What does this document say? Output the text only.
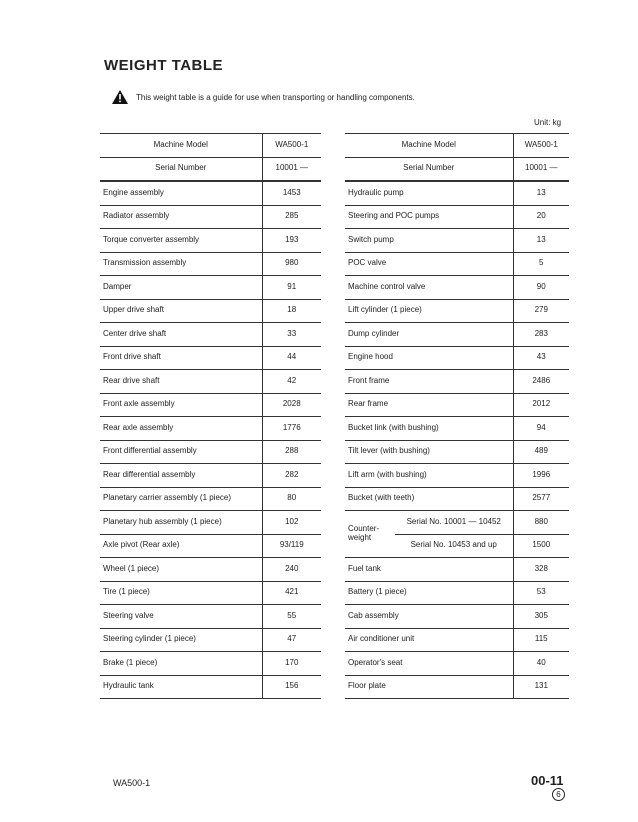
WEIGHT TABLE
This weight table is a guide for use when transporting or handling components.
Unit: kg
Machine Model	WA500-1
Serial Number	10001 —
Engine assembly	1453
Radiator assembly	285
Torque converter assembly	193
Transmission assembly	980
Damper	91
Upper drive shaft	18
Center drive shaft	33
Front drive shaft	44
Rear drive shaft	42
Front axle assembly	2028
Rear axle assembly	1776
Front differential assembly	288
Rear differential assembly	282
Planetary carrier assembly (1 piece)	80
Planetary hub assembly (1 piece)	102
Axle pivot (Rear axle)	93/119
Wheel (1 piece)	240
Tire (1 piece)	421
Steering valve	55
Steering cylinder (1 piece)	47
Brake (1 piece)	170
Hydraulic tank	156
Machine Model		WA500-1
Serial Number		10001 —
Hydraulic pump		13
Steering and POC pumps		20
Switch pump		13
POC valve		5
Machine control valve		90
Lift cylinder (1 piece)		279
Dump cylinder		283
Engine hood		43
Front frame		2486
Rear frame		2012
Bucket link (with bushing)		94
Tilt lever (with bushing)		489
Lift arm (with bushing)		1996
Bucket (with teeth)		2577
Counter-
weight	Serial No. 10001 — 10452	880
	Serial No. 10453 and up	1500
Fuel tank		328
Battery (1 piece)		53
Cab assembly		305
Air conditioner unit		115
Operator's seat		40
Floor plate		131
WA500-1	00-11
6
